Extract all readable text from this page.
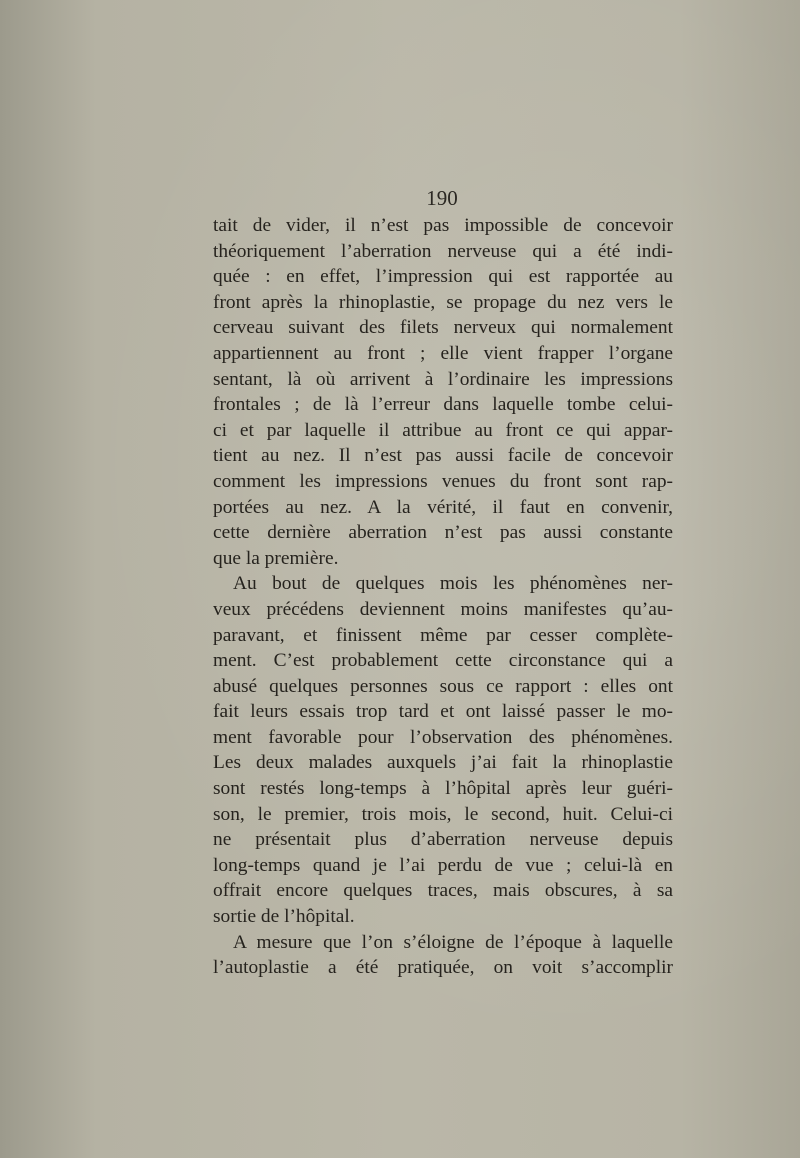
190
tait de vider, il n’est pas impossible de concevoir
théoriquement l’aberration nerveuse qui a été indi-
quée : en effet, l’impression qui est rapportée au
front après la rhinoplastie, se propage du nez vers le
cerveau suivant des filets nerveux qui normalement
appartiennent au front ; elle vient frapper l’organe
sentant, là où arrivent à l’ordinaire les impressions
frontales ; de là l’erreur dans laquelle tombe celui-
ci et par laquelle il attribue au front ce qui appar-
tient au nez. Il n’est pas aussi facile de concevoir
comment les impressions venues du front sont rap-
portées au nez. A la vérité, il faut en convenir,
cette dernière aberration n’est pas aussi constante
que la première.
Au bout de quelques mois les phénomènes ner-
veux précédens deviennent moins manifestes qu’au-
paravant, et finissent même par cesser complète-
ment. C’est probablement cette circonstance qui a
abusé quelques personnes sous ce rapport : elles ont
fait leurs essais trop tard et ont laissé passer le mo-
ment favorable pour l’observation des phénomènes.
Les deux malades auxquels j’ai fait la rhinoplastie
sont restés long-temps à l’hôpital après leur guéri-
son, le premier, trois mois, le second, huit. Celui-ci
ne présentait plus d’aberration nerveuse depuis
long-temps quand je l’ai perdu de vue ; celui-là en
offrait encore quelques traces, mais obscures, à sa
sortie de l’hôpital.
A mesure que l’on s’éloigne de l’époque à laquelle
l’autoplastie a été pratiquée, on voit s’accomplir
